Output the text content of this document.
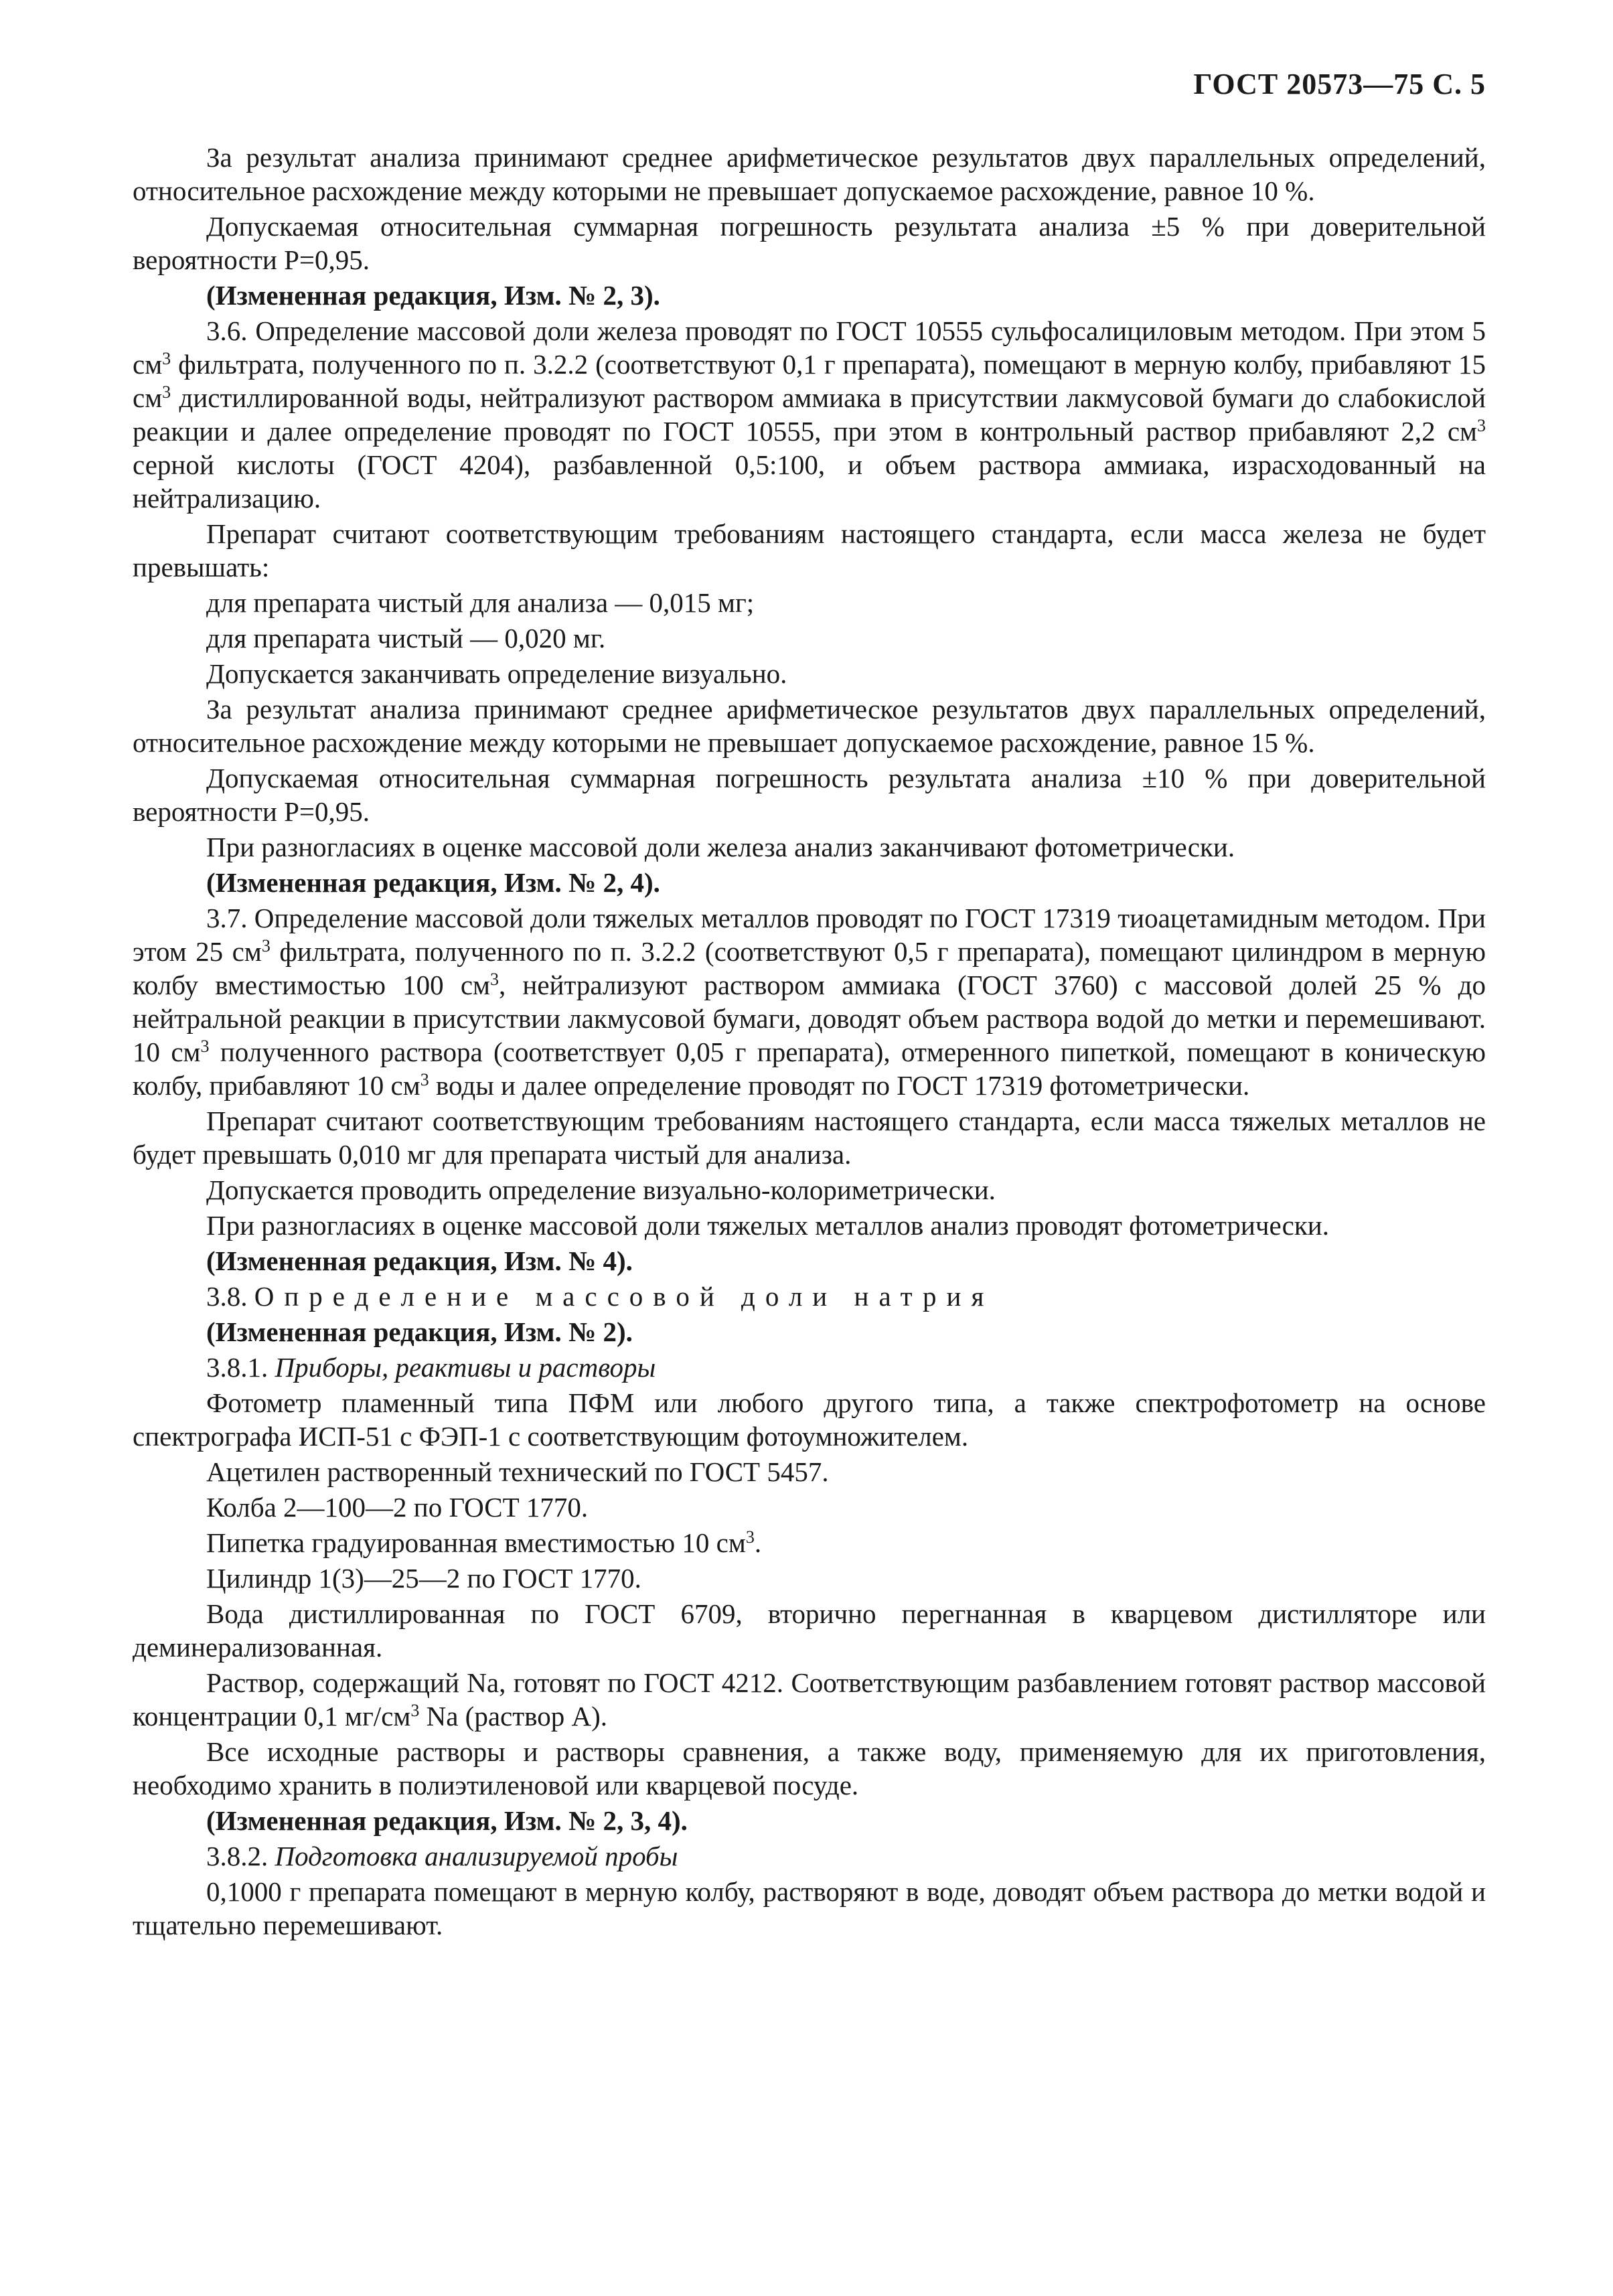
ГОСТ 20573—75 С. 5

За результат анализа принимают среднее арифметическое результатов двух параллельных определений, относительное расхождение между которыми не превышает допускаемое расхождение, равное 10 %.

Допускаемая относительная суммарная погрешность результата анализа ±5 % при доверительной вероятности Р=0,95.

(Измененная редакция, Изм. № 2, 3).

3.6. Определение массовой доли железа проводят по ГОСТ 10555 сульфосалициловым методом. При этом 5 $см^3$ фильтрата, полученного по п. 3.2.2 (соответствуют 0,1 г препарата), помещают в мерную колбу, прибавляют 15 $см^3$ дистиллированной воды, нейтрализуют раствором аммиака в присутствии лакмусовой бумаги до слабокислой реакции и далее определение проводят по ГОСТ 10555, при этом в контрольный раствор прибавляют 2,2 $см^3$ серной кислоты (ГОСТ 4204), разбавленной 0,5:100, и объем раствора аммиака, израсходованный на нейтрализацию.

Препарат считают соответствующим требованиям настоящего стандарта, если масса железа не будет превышать:

для препарата чистый для анализа — 0,015 мг;

для препарата чистый — 0,020 мг.

Допускается заканчивать определение визуально.

За результат анализа принимают среднее арифметическое результатов двух параллельных определений, относительное расхождение между которыми не превышает допускаемое расхождение, равное 15 %.

Допускаемая относительная суммарная погрешность результата анализа ±10 % при доверительной вероятности Р=0,95.

При разногласиях в оценке массовой доли железа анализ заканчивают фотометрически.

(Измененная редакция, Изм. № 2, 4).

3.7. Определение массовой доли тяжелых металлов проводят по ГОСТ 17319 тиоацетамидным методом. При этом 25 $см^3$ фильтрата, полученного по п. 3.2.2 (соответствуют 0,5 г препарата), помещают цилиндром в мерную колбу вместимостью 100 $см^3$, нейтрализуют раствором аммиака (ГОСТ 3760) с массовой долей 25 % до нейтральной реакции в присутствии лакмусовой бумаги, доводят объем раствора водой до метки и перемешивают. 10 $см^3$ полученного раствора (соответствует 0,05 г препарата), отмеренного пипеткой, помещают в коническую колбу, прибавляют 10 $см^3$ воды и далее определение проводят по ГОСТ 17319 фотометрически.

Препарат считают соответствующим требованиям настоящего стандарта, если масса тяжелых металлов не будет превышать 0,010 мг для препарата чистый для анализа.

Допускается проводить определение визуально-колориметрически.

При разногласиях в оценке массовой доли тяжелых металлов анализ проводят фотометрически.

(Измененная редакция, Изм. № 4).

3.8. Определение массовой доли натрия

(Измененная редакция, Изм. № 2).

3.8.1. Приборы, реактивы и растворы

Фотометр пламенный типа ПФМ или любого другого типа, а также спектрофотометр на основе спектрографа ИСП-51 с ФЭП-1 с соответствующим фотоумножителем.

Ацетилен растворенный технический по ГОСТ 5457.

Колба 2—100—2 по ГОСТ 1770.

Пипетка градуированная вместимостью 10 $см^3$.

Цилиндр 1(3)—25—2 по ГОСТ 1770.

Вода дистиллированная по ГОСТ 6709, вторично перегнанная в кварцевом дистилляторе или деминерализованная.

Раствор, содержащий Na, готовят по ГОСТ 4212. Соответствующим разбавлением готовят раствор массовой концентрации 0,1 $мг/см^3$ Na (раствор А).

Все исходные растворы и растворы сравнения, а также воду, применяемую для их приготовления, необходимо хранить в полиэтиленовой или кварцевой посуде.

(Измененная редакция, Изм. № 2, 3, 4).

3.8.2. Подготовка анализируемой пробы

0,1000 г препарата помещают в мерную колбу, растворяют в воде, доводят объем раствора до метки водой и тщательно перемешивают.
